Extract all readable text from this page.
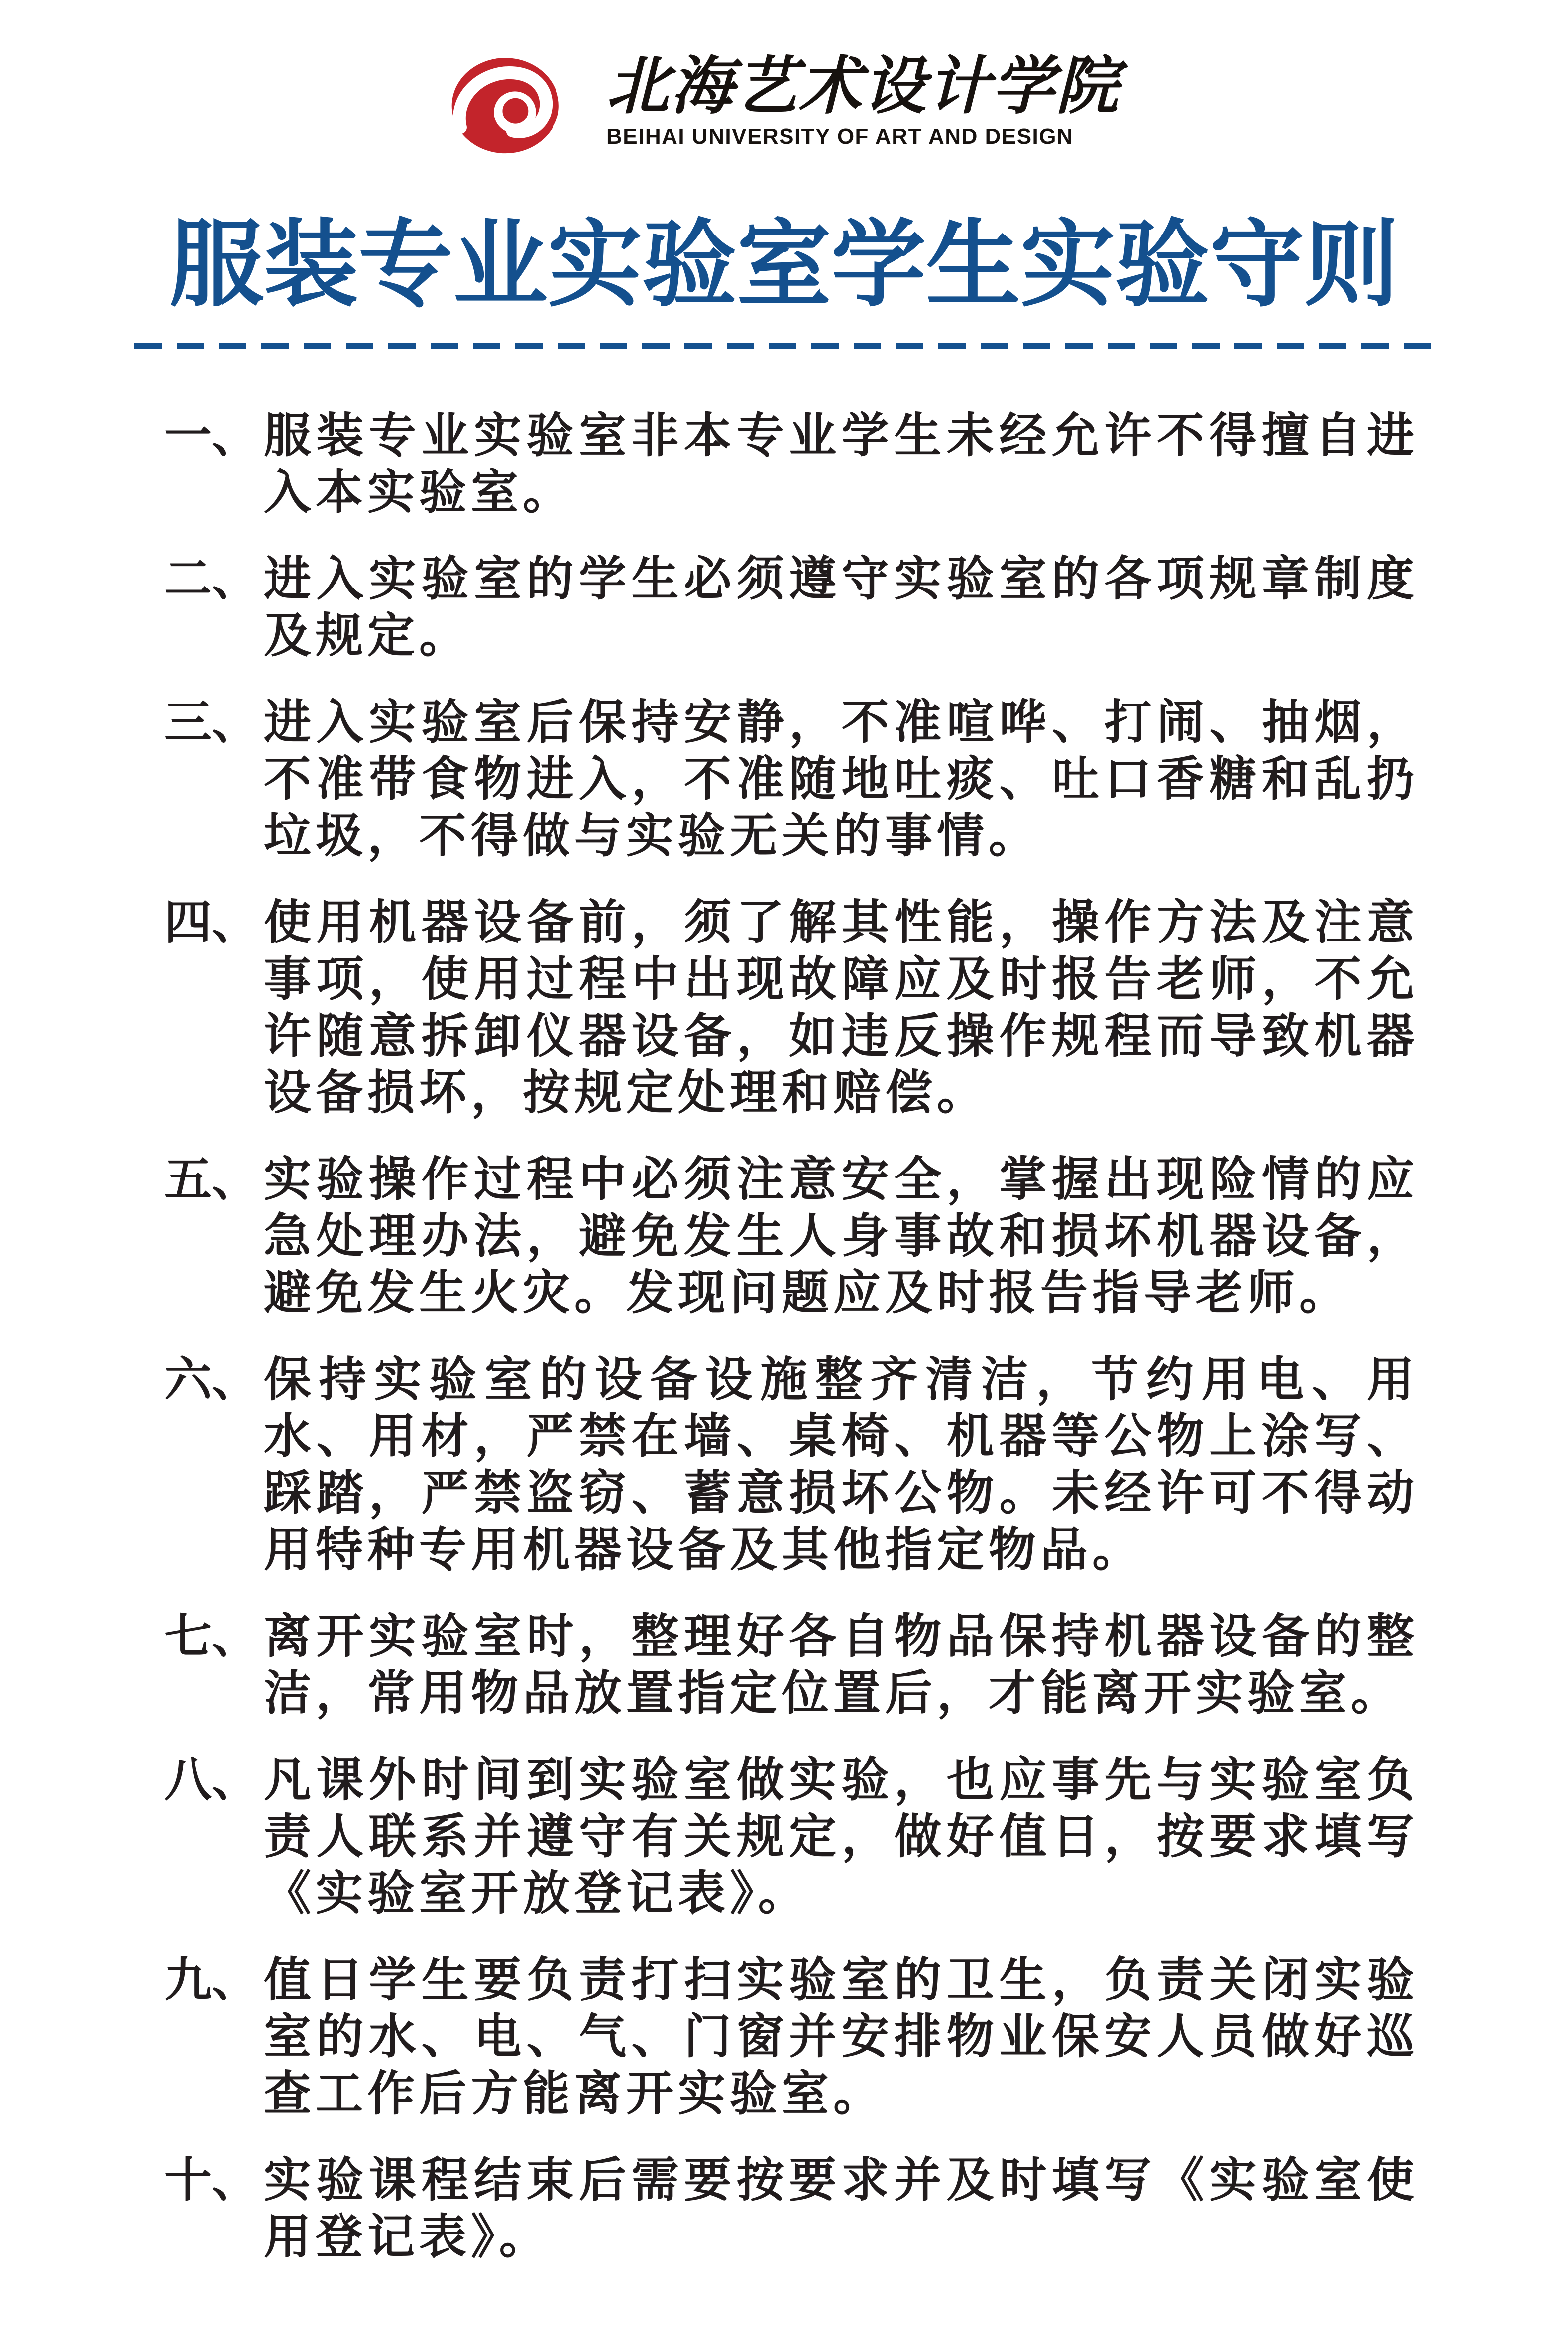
北海艺术设计学院
BEIHAI UNIVERSITY OF ART AND DESIGN
服装专业实验室学生实验守则
一、 服装专业实验室非本专业学生未经允许不得擅自进入本实验室。
二、 进入实验室的学生必须遵守实验室的各项规章制度及规定。
三、 进入实验室后保持安静，不准喧哗、打闹、抽烟，不准带食物进入，不准随地吐痰、吐口香糖和乱扔垃圾，不得做与实验无关的事情。
四、 使用机器设备前，须了解其性能，操作方法及注意事项，使用过程中出现故障应及时报告老师，不允许随意拆卸仪器设备，如违反操作规程而导致机器设备损坏，按规定处理和赔偿。
五、 实验操作过程中必须注意安全，掌握出现险情的应急处理办法，避免发生人身事故和损坏机器设备，避免发生火灾。发现问题应及时报告指导老师。
六、 保持实验室的设备设施整齐清洁，节约用电、用水、用材，严禁在墙、桌椅、机器等公物上涂写、踩踏，严禁盗窃、蓄意损坏公物。未经许可不得动用特种专用机器设备及其他指定物品。
七、 离开实验室时，整理好各自物品保持机器设备的整洁，常用物品放置指定位置后，才能离开实验室。
八、 凡课外时间到实验室做实验，也应事先与实验室负责人联系并遵守有关规定，做好值日，按要求填写《实验室开放登记表》。
九、 值日学生要负责打扫实验室的卫生，负责关闭实验室的水、电、气、门窗并安排物业保安人员做好巡查工作后方能离开实验室。
十、 实验课程结束后需要按要求并及时填写《实验室使用登记表》。
